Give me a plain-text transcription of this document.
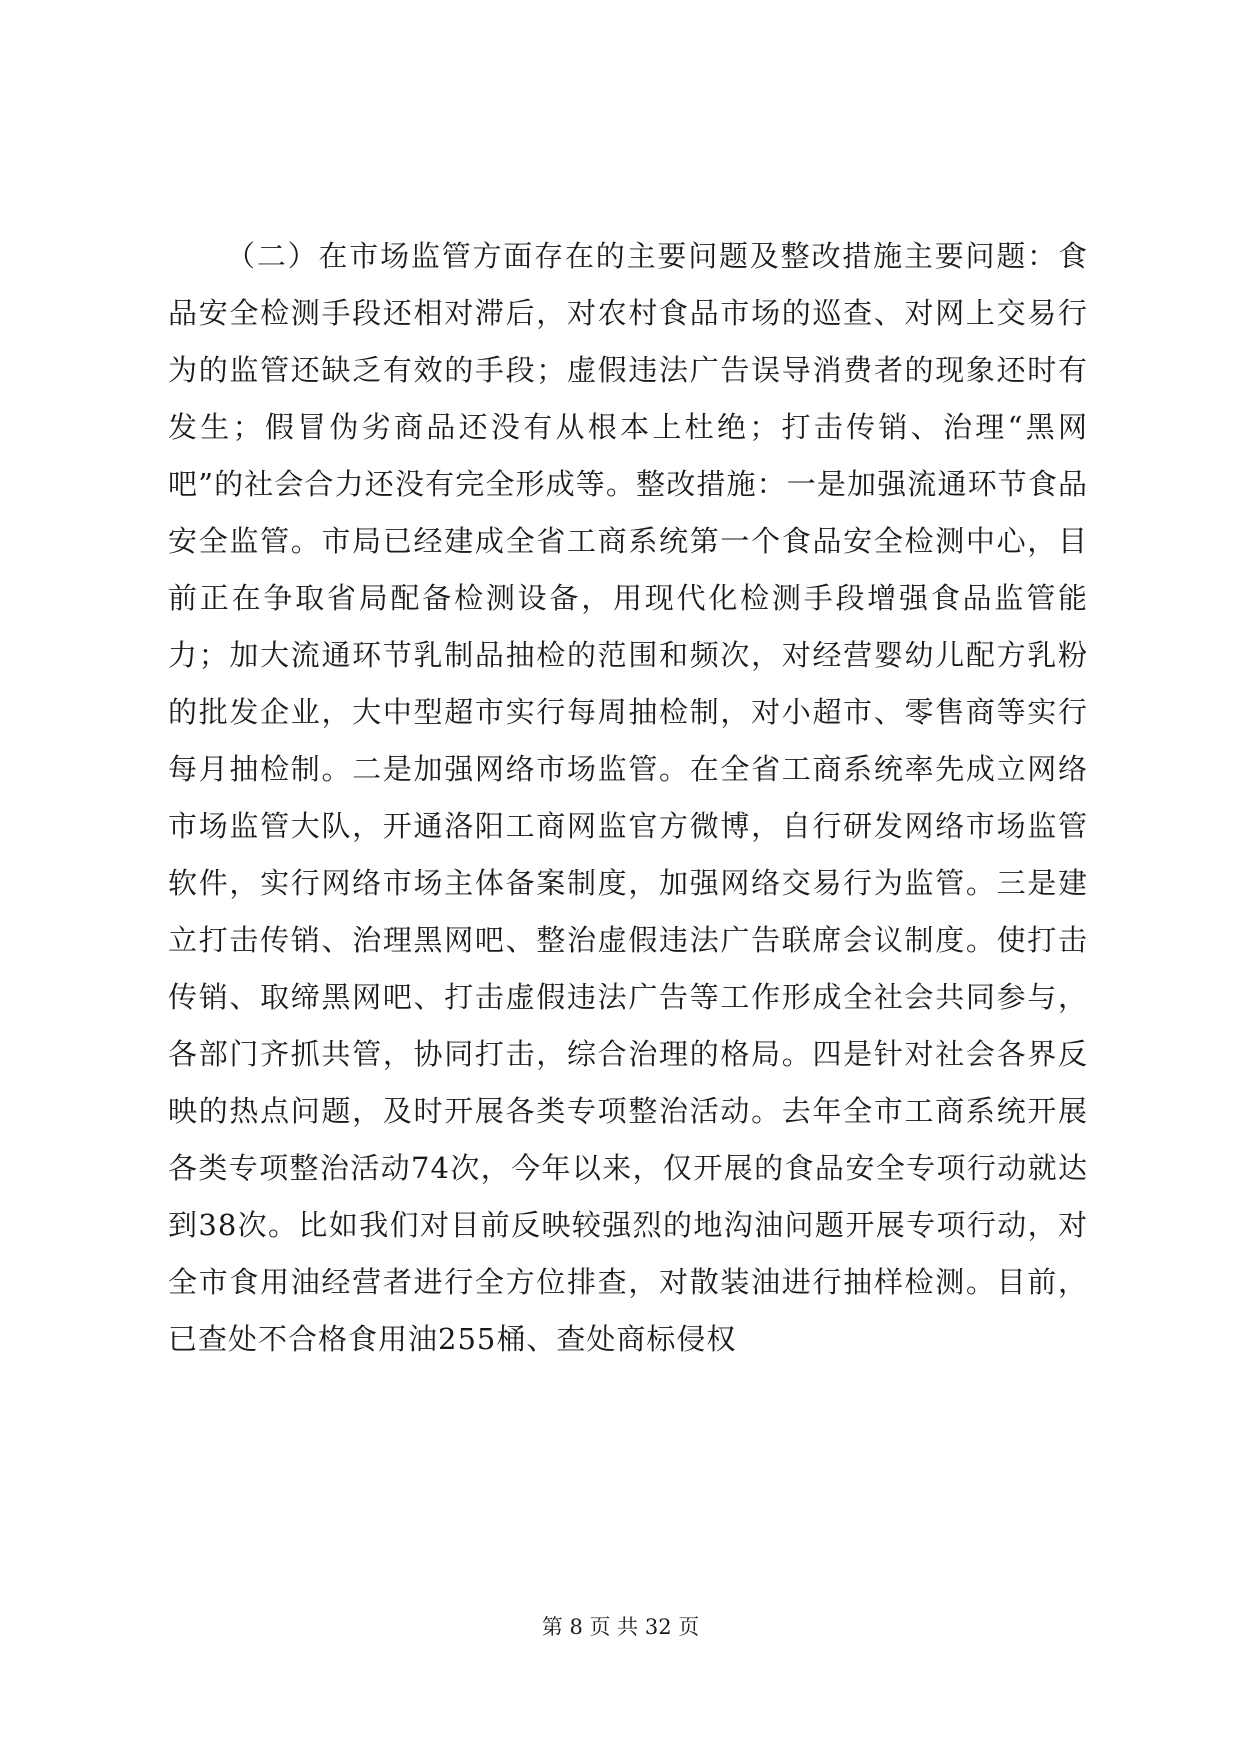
（二）在市场监管方面存在的主要问题及整改措施主要问题：食品安全检测手段还相对滞后，对农村食品市场的巡查、对网上交易行为的监管还缺乏有效的手段；虚假违法广告误导消费者的现象还时有发生；假冒伪劣商品还没有从根本上杜绝；打击传销、治理“黑网吧”的社会合力还没有完全形成等。整改措施：一是加强流通环节食品安全监管。市局已经建成全省工商系统第一个食品安全检测中心，目前正在争取省局配备检测设备，用现代化检测手段增强食品监管能力；加大流通环节乳制品抽检的范围和频次，对经营婴幼儿配方乳粉的批发企业，大中型超市实行每周抽检制，对小超市、零售商等实行每月抽检制。二是加强网络市场监管。在全省工商系统率先成立网络市场监管大队，开通洛阳工商网监官方微博，自行研发网络市场监管软件，实行网络市场主体备案制度，加强网络交易行为监管。三是建立打击传销、治理黑网吧、整治虚假违法广告联席会议制度。使打击传销、取缔黑网吧、打击虚假违法广告等工作形成全社会共同参与，各部门齐抓共管，协同打击，综合治理的格局。四是针对社会各界反映的热点问题，及时开展各类专项整治活动。去年全市工商系统开展各类专项整治活动74次，今年以来，仅开展的食品安全专项行动就达到38次。比如我们对目前反映较强烈的地沟油问题开展专项行动，对全市食用油经营者进行全方位排查，对散装油进行抽样检测。目前，已查处不合格食用油255桶、查处商标侵权

第 8 页 共 32 页
